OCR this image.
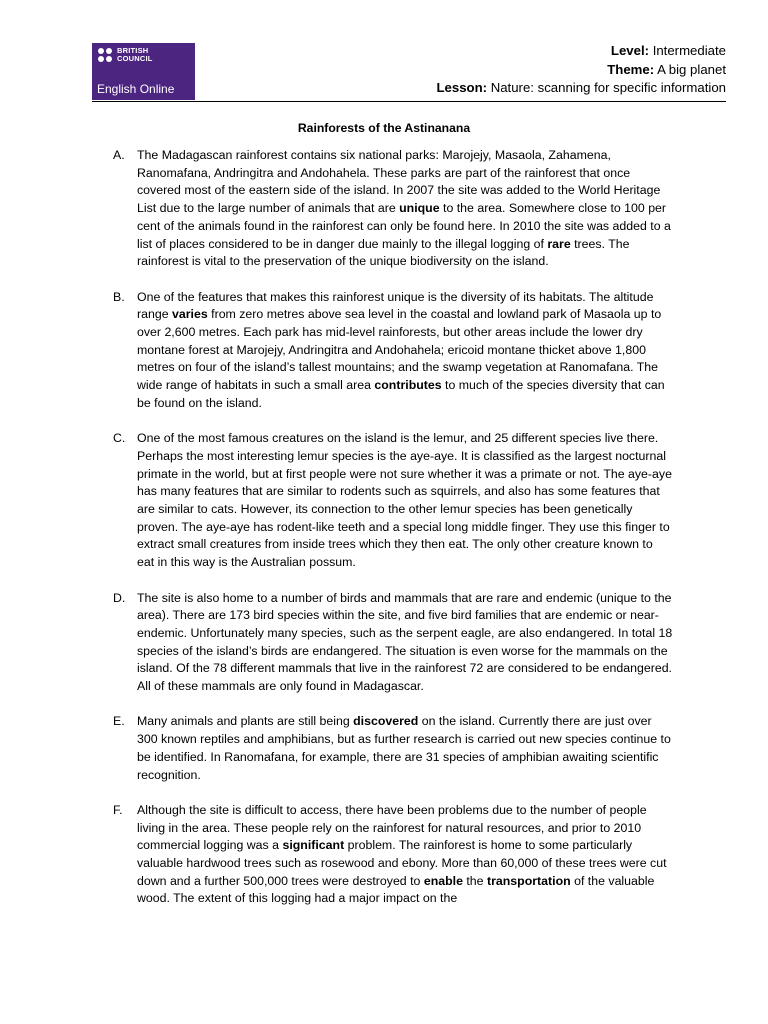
BRITISH
COUNCIL
English Online
Level: Intermediate
Theme: A big planet
Lesson: Nature: scanning for specific information
Rainforests of the Astinanana
A. The Madagascan rainforest contains six national parks: Marojejy, Masaola, Zahamena, Ranomafana, Andringitra and Andohahela. These parks are part of the rainforest that once covered most of the eastern side of the island. In 2007 the site was added to the World Heritage List due to the large number of animals that are unique to the area. Somewhere close to 100 per cent of the animals found in the rainforest can only be found here. In 2010 the site was added to a list of places considered to be in danger due mainly to the illegal logging of rare trees. The rainforest is vital to the preservation of the unique biodiversity on the island.
B. One of the features that makes this rainforest unique is the diversity of its habitats. The altitude range varies from zero metres above sea level in the coastal and lowland park of Masaola up to over 2,600 metres. Each park has mid-level rainforests, but other areas include the lower dry montane forest at Marojejy, Andringitra and Andohahela; ericoid montane thicket above 1,800 metres on four of the island’s tallest mountains; and the swamp vegetation at Ranomafana. The wide range of habitats in such a small area contributes to much of the species diversity that can be found on the island.
C. One of the most famous creatures on the island is the lemur, and 25 different species live there. Perhaps the most interesting lemur species is the aye-aye. It is classified as the largest nocturnal primate in the world, but at first people were not sure whether it was a primate or not. The aye-aye has many features that are similar to rodents such as squirrels, and also has some features that are similar to cats. However, its connection to the other lemur species has been genetically proven. The aye-aye has rodent-like teeth and a special long middle finger. They use this finger to extract small creatures from inside trees which they then eat. The only other creature known to eat in this way is the Australian possum.
D. The site is also home to a number of birds and mammals that are rare and endemic (unique to the area). There are 173 bird species within the site, and five bird families that are endemic or near-endemic. Unfortunately many species, such as the serpent eagle, are also endangered. In total 18 species of the island’s birds are endangered. The situation is even worse for the mammals on the island. Of the 78 different mammals that live in the rainforest 72 are considered to be endangered. All of these mammals are only found in Madagascar.
E. Many animals and plants are still being discovered on the island. Currently there are just over 300 known reptiles and amphibians, but as further research is carried out new species continue to be identified. In Ranomafana, for example, there are 31 species of amphibian awaiting scientific recognition.
F. Although the site is difficult to access, there have been problems due to the number of people living in the area. These people rely on the rainforest for natural resources, and prior to 2010 commercial logging was a significant problem. The rainforest is home to some particularly valuable hardwood trees such as rosewood and ebony. More than 60,000 of these trees were cut down and a further 500,000 trees were destroyed to enable the transportation of the valuable wood. The extent of this logging had a major impact on the
